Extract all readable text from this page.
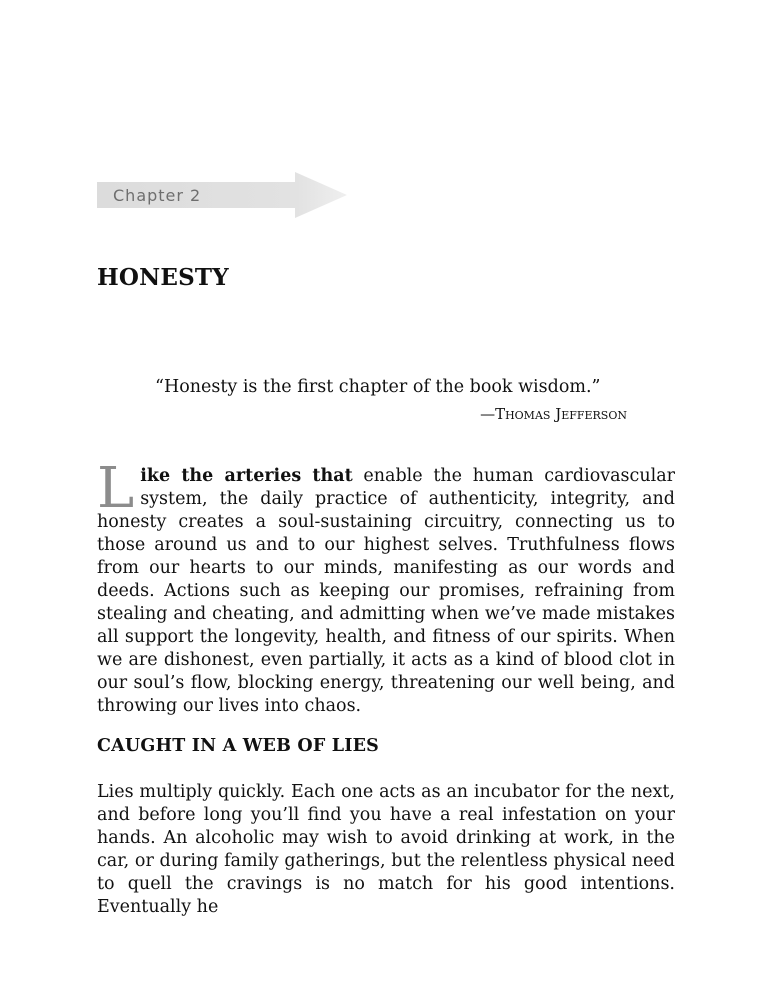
Chapter 2
HONESTY

“Honesty is the first chapter of the book wisdom.”

—Thomas Jefferson

Like the arteries that enable the human cardiovascular system, the daily practice of authenticity, integrity, and honesty creates a soul-sustaining circuitry, connecting us to those around us and to our highest selves. Truthfulness flows from our hearts to our minds, manifesting as our words and deeds. Actions such as keeping our promises, refraining from stealing and cheating, and admitting when we’ve made mistakes all support the longevity, health, and fitness of our spirits. When we are dishonest, even partially, it acts as a kind of blood clot in our soul’s flow, blocking energy, threatening our well being, and throwing our lives into chaos.

CAUGHT IN A WEB OF LIES

Lies multiply quickly. Each one acts as an incubator for the next, and before long you’ll find you have a real infestation on your hands. An alcoholic may wish to avoid drinking at work, in the car, or during family gatherings, but the relentless physical need to quell the cravings is no match for his good intentions. Eventually he
